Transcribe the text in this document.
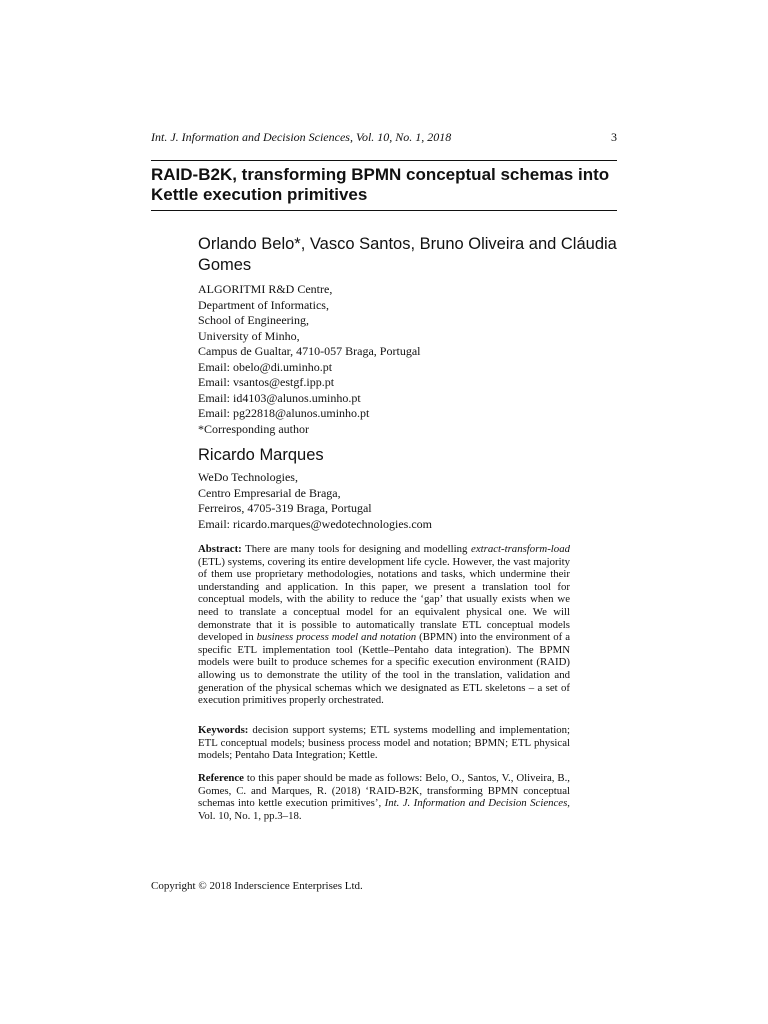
Int. J. Information and Decision Sciences, Vol. 10, No. 1, 2018	3
RAID-B2K, transforming BPMN conceptual schemas into Kettle execution primitives
Orlando Belo*, Vasco Santos, Bruno Oliveira and Cláudia Gomes
ALGORITMI R&D Centre,
Department of Informatics,
School of Engineering,
University of Minho,
Campus de Gualtar, 4710-057 Braga, Portugal
Email: obelo@di.uminho.pt
Email: vsantos@estgf.ipp.pt
Email: id4103@alunos.uminho.pt
Email: pg22818@alunos.uminho.pt
*Corresponding author
Ricardo Marques
WeDo Technologies,
Centro Empresarial de Braga,
Ferreiros, 4705-319 Braga, Portugal
Email: ricardo.marques@wedotechnologies.com
Abstract: There are many tools for designing and modelling extract-transform-load (ETL) systems, covering its entire development life cycle. However, the vast majority of them use proprietary methodologies, notations and tasks, which undermine their understanding and application. In this paper, we present a translation tool for conceptual models, with the ability to reduce the ‘gap’ that usually exists when we need to translate a conceptual model for an equivalent physical one. We will demonstrate that it is possible to automatically translate ETL conceptual models developed in business process model and notation (BPMN) into the environment of a specific ETL implementation tool (Kettle–Pentaho data integration). The BPMN models were built to produce schemes for a specific execution environment (RAID) allowing us to demonstrate the utility of the tool in the translation, validation and generation of the physical schemas which we designated as ETL skeletons – a set of execution primitives properly orchestrated.
Keywords: decision support systems; ETL systems modelling and implementation; ETL conceptual models; business process model and notation; BPMN; ETL physical models; Pentaho Data Integration; Kettle.
Reference to this paper should be made as follows: Belo, O., Santos, V., Oliveira, B., Gomes, C. and Marques, R. (2018) ‘RAID-B2K, transforming BPMN conceptual schemas into kettle execution primitives’, Int. J. Information and Decision Sciences, Vol. 10, No. 1, pp.3–18.
Copyright © 2018 Inderscience Enterprises Ltd.
